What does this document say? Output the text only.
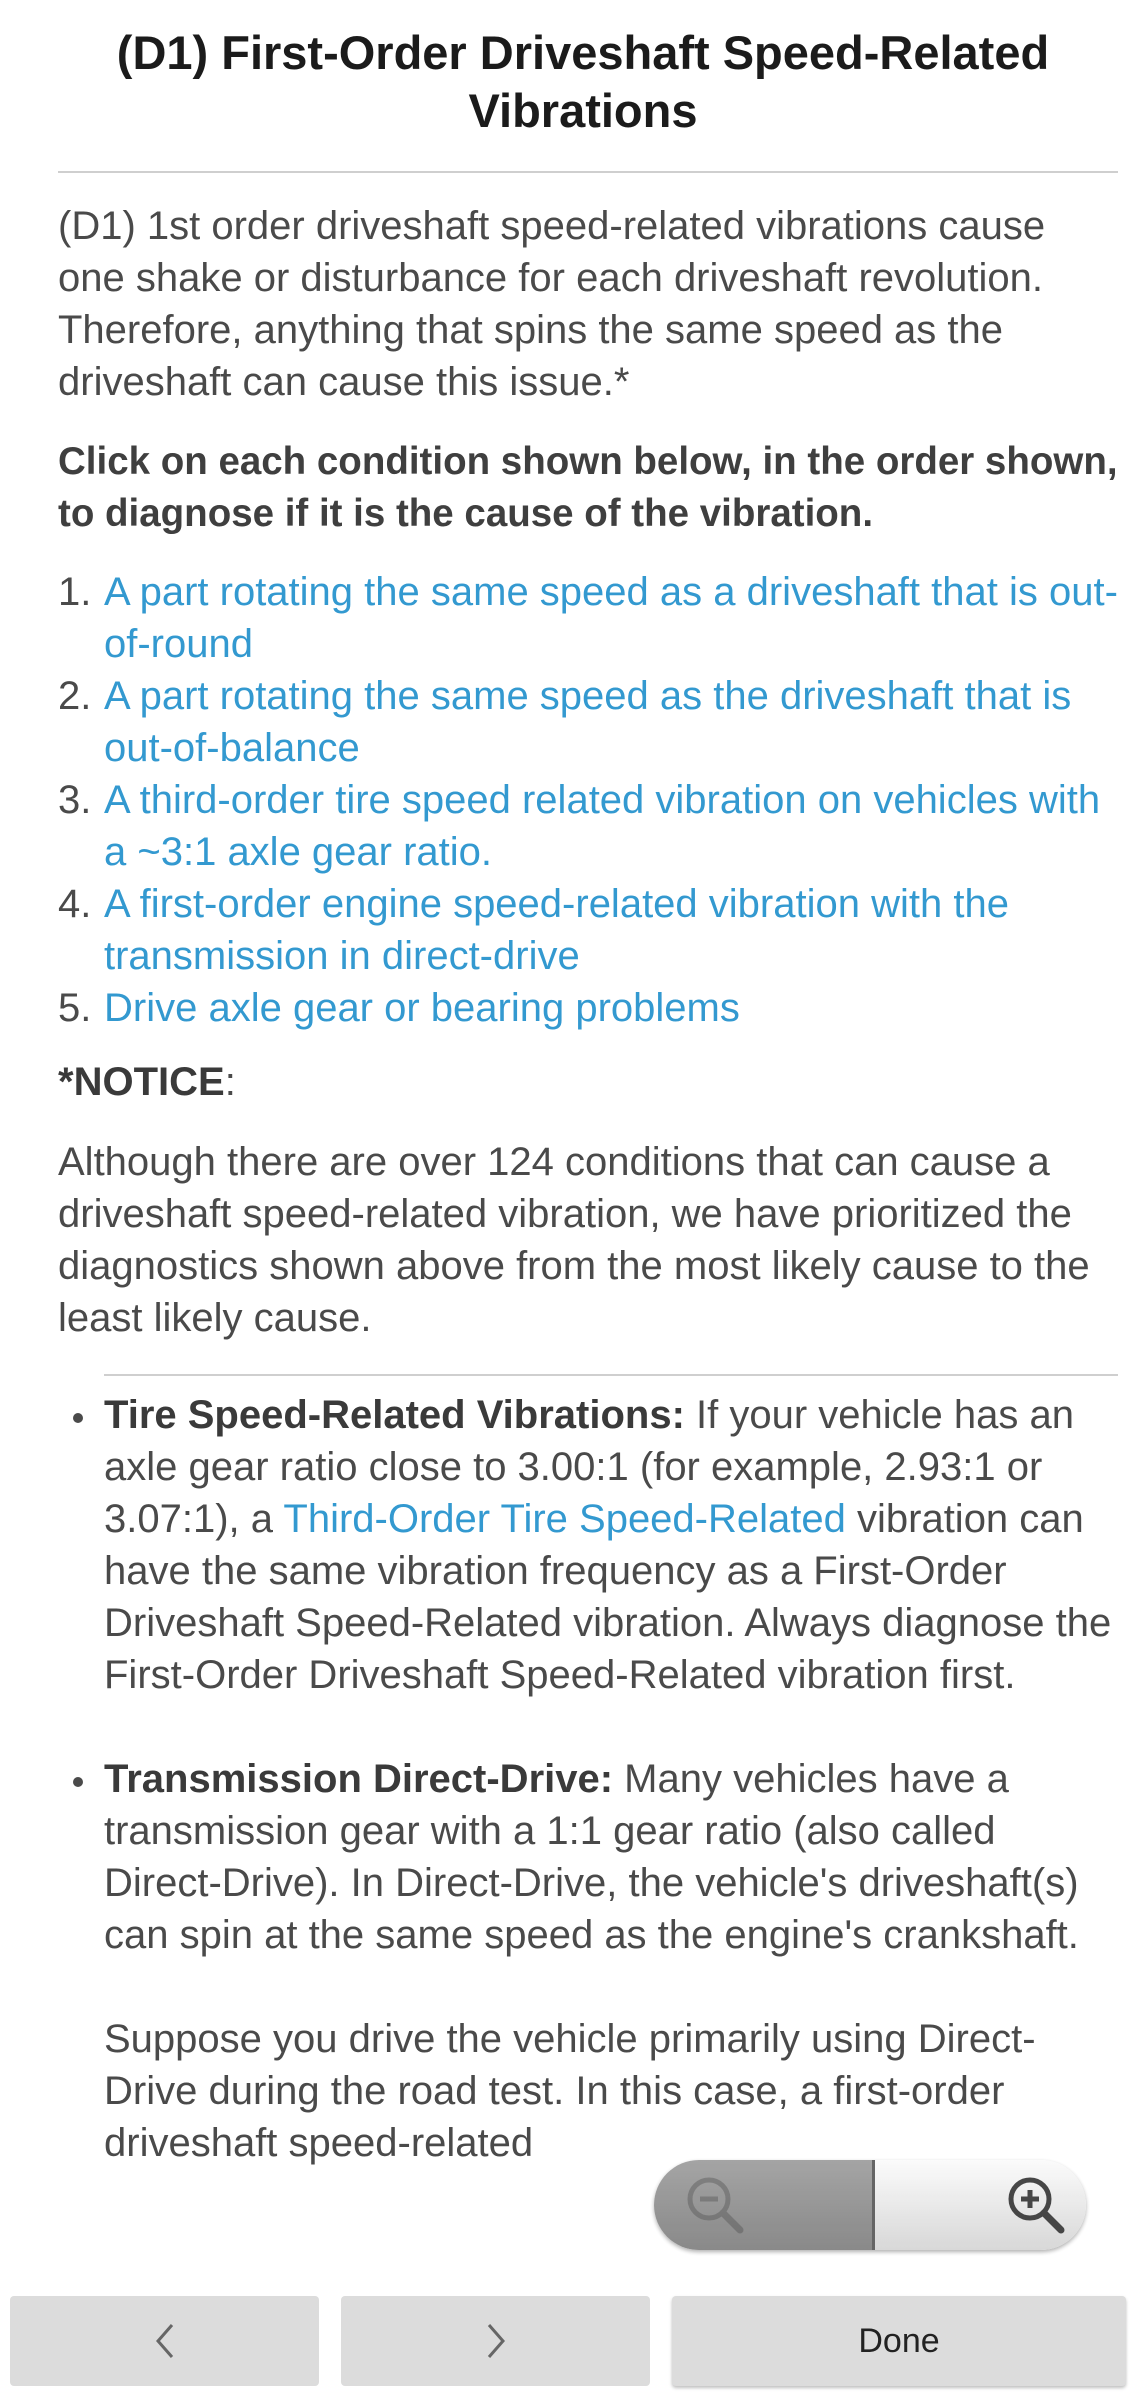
(D1) First-Order Driveshaft Speed-Related Vibrations

(D1) 1st order driveshaft speed-related vibrations cause one shake or disturbance for each driveshaft revolution. Therefore, anything that spins the same speed as the driveshaft can cause this issue.*

Click on each condition shown below, in the order shown, to diagnose if it is the cause of the vibration.

1. A part rotating the same speed as a driveshaft that is out-of-round
2. A part rotating the same speed as the driveshaft that is out-of-balance
3. A third-order tire speed related vibration on vehicles with a ~3:1 axle gear ratio.
4. A first-order engine speed-related vibration with the transmission in direct-drive
5. Drive axle gear or bearing problems

*NOTICE:

Although there are over 124 conditions that can cause a driveshaft speed-related vibration, we have prioritized the diagnostics shown above from the most likely cause to the least likely cause.

Tire Speed-Related Vibrations: If your vehicle has an axle gear ratio close to 3.00:1 (for example, 2.93:1 or 3.07:1), a Third-Order Tire Speed-Related vibration can have the same vibration frequency as a First-Order Driveshaft Speed-Related vibration. Always diagnose the First-Order Driveshaft Speed-Related vibration first.
Transmission Direct-Drive: Many vehicles have a transmission gear with a 1:1 gear ratio (also called Direct-Drive). In Direct-Drive, the vehicle's driveshaft(s) can spin at the same speed as the engine's crankshaft.
Suppose you drive the vehicle primarily using Direct-Drive during the road test. In this case, a first-order driveshaft speed-related
Done
